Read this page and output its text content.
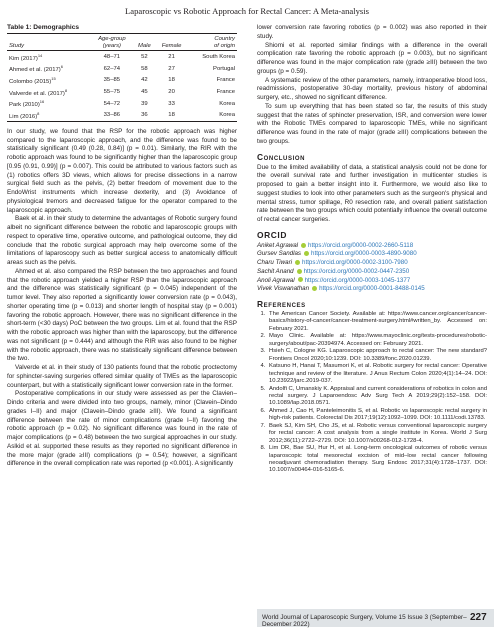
Laparoscopic vs Robotic Approach for Rectal Cancer: A Meta-analysis
Table 1: Demographics
	Age-group			Country
Study	(years)	Male	Female	of origin
Kim $(2017)^{14}$	48–71	52	21	South Korea
Ahmed et al. $(2017)^6$	62–74	58	27	Portugal
Colombo $(2015)^{15}$	35–85	42	18	France
Valverde et al. $(2017)^8$	55–75	45	20	France
Park $(2010)^{16}$	54–72	39	33	Korea
Lim $(2016)^8$	33–86	36	18	Korea

In our study, we found that the RSP for the robotic approach was higher compared to the laparoscopic approach, and the difference was found to be statistically significant (0.49 (0.28, 0.84)] (p = 0.01). Similarly, the RIR with the robotic approach was found to be significantly higher than the laparoscopic group [0.95 (0.91, 0.99)] (p = 0.007). This could be attributed to various factors such as (1) robotics offers 3D views, which allows for precise dissections in a narrow surgical field such as the pelvis, (2) better freedom of movement due to the EndoWrist instruments which increase dexterity, and (3) Avoidance of physiological tremors and decreased fatigue for the operator compared to the laparoscopic approach.

Baek et al. in their study to determine the advantages of Robotic surgery found albeit no significant difference between the robotic and laparoscopic groups with respect to operative time, operative outcome, and pathological outcome, they did conclude that the robotic surgical approach may help overcome some of the limitations of laparoscopy such as better surgical access to anatomically difficult areas such as the pelvis.

Ahmed et al. also compared the RSP between the two approaches and found that the robotic approach yielded a higher RSP than the laparoscopic approach and the difference was statistically significant (p = 0.045) independent of the tumor level. They also reported a significantly lower conversion rate (p = 0.043), shorter operating time (p = 0.013) and shorter length of hospital stay (p = 0.001) favoring the robotic approach. However, there was no significant difference in the short-term (<30 days) PoC between the two groups. Lim et al. found that the RSP with the robotic approach was higher than with the laparoscopy, but the difference was not significant (p = 0.444) and although the RIR was also found to be higher with the robotic approach, there was no statistically significant difference between the two.

Valverde et al. in their study of 130 patients found that the robotic proctectomy for sphincter-saving surgeries offered similar quality of TMEs as the laparoscopic counterpart, but with a statistically significant lower conversion rate in the former.

Postoperative complications in our study were assessed as per the Clavien–Dindo criteria and were divided into two groups, namely, minor (Clavein–Dindo grades I–II) and major (Clavein–Dindo grade ≥III). We found a significant difference between the rate of minor complications (grade I–II) favoring the robotic approach (p = 0.02). No significant difference was found in the rate of major complications (p = 0.48) between the two surgical approaches in our study. Aslkid et al. supported these results as they reported no significant difference in the more major (grade ≥III) complications (p = 0.54); however, a significant difference in the overall complication rate was reported (p <0.001). A significantly

lower conversion rate favoring robotics (p = 0.002) was also reported in their study.

Shiomi et al. reported similar findings with a difference in the overall complication rate favoring the robotic approach (p = 0.003), but no significant difference was found in the major complication rate (grade ≥III) between the two groups (p = 0.59).

A systematic review of the other parameters, namely, intraoperative blood loss, readmissions, postoperative 30-day mortality, previous history of abdominal surgery, etc., showed no significant difference.

To sum up everything that has been stated so far, the results of this study suggest that the rates of sphincter preservation, ISR, and conversion were lower with the Robotic TMEs compared to laparoscopic TMEs, while no significant difference was found in the rate of major (grade ≥III) complications between the two groups.

Conclusion

Due to the limited availability of data, a statistical analysis could not be done for the overall survival rate and further investigation in multicenter studies is proposed to gain a better insight into it. Furthermore, we would also like to suggest studies to look into other parameters such as the surgeon's physical and mental stress, tumor spillage, R0 resection rate, and overall patient satisfaction rate between the two groups which could potentially influence the overall outcome of rectal cancer surgeries.

ORCID
Aniket Agrawal https://orcid.org/0000-0002-2660-5118
Gursev Sandlas https://orcid.org/0000-0003-4890-9080
Charu Tiwari https://orcid.org/0000-0002-3100-7980
Sachit Anand https://orcid.org/0000-0002-0447-2350
Anoli Agrawal https://orcid.org/0000-0003-1045-1377
Vivek Viswanathan https://orcid.org/0000-0001-8488-0145
References
1. The American Cancer Society. Available at: https://www.cancer.org/cancer/cancer-basics/history-of-cancer/cancer-treatment-surgery.html#written_by. Accessed on: February 2021.
2. Mayo Clinic. Available at: https://www.mayoclinic.org/tests-procedures/robotic-surgery/about/pac-20394974. Accessed on: February 2021.
3. Hsieh C, Cologne KG. Laparoscopic approach to rectal cancer: The new standard? Frontiers Oncol 2020;10:1239. DOI: 10.3389/fonc.2020.01239.
4. Katsuno H, Hanai T, Masumori K, et al. Robotic surgery for rectal cancer: Operative technique and review of the literature. J Anus Rectum Colon 2020;4(1):14–24. DOI: 10.23922/jarc.2019-037.
5. Andolfi C, Umanskiy K. Appraisal and current considerations of robotics in colon and rectal surgery. J Laparoendosc Adv Surg Tech A 2019;29(2):152–158. DOI: 10.1089/lap.2018.0571.
6. Ahmed J, Cao H, Panteleimonitis S, et al. Robotic vs laparoscopic rectal surgery in high-risk patients. Colorectal Dis 2017;19(12):1092–1099. DOI: 10.1111/codi.13783.
7. Baek SJ, Kim SH, Cho JS, et al. Robotic versus conventional laparoscopic surgery for rectal cancer: A cost analysis from a single institute in Korea. World J Surg 2012;36(11):2722–2729. DOI: 10.1007/s00268-012-1728-4.
8. Lim DR, Bae SU, Hur H, et al. Long-term oncological outcomes of robotic versus laparoscopic total mesorectal excision of mid–low rectal cancer following neoadjuvant chemoradiation therapy. Surg Endosc 2017;31(4):1728–1737. DOI: 10.1007/s00464-016-5165-6.
World Journal of Laparoscopic Surgery, Volume 15 Issue 3 (September–December 2022)
227
